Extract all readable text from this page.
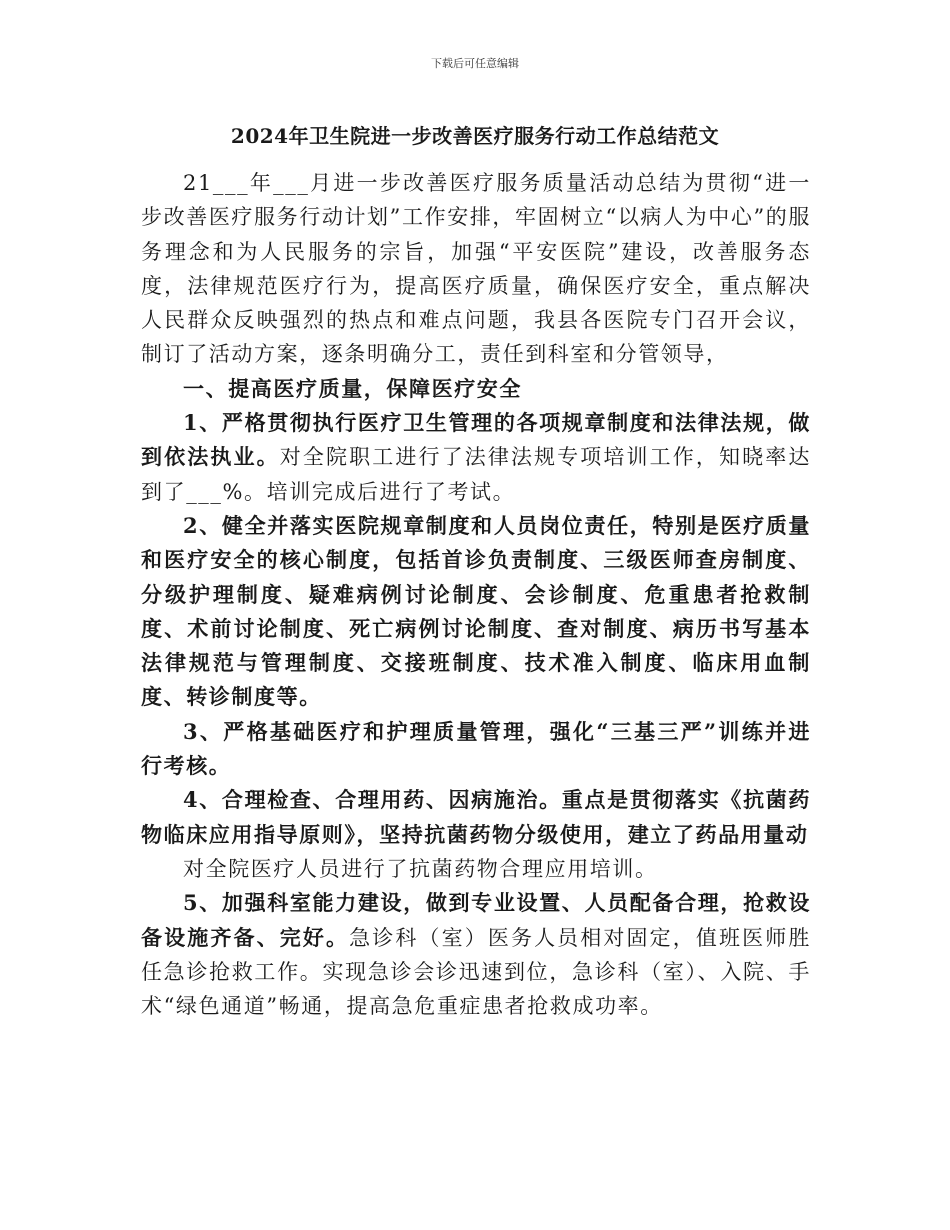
下载后可任意编辑
2024年卫生院进一步改善医疗服务行动工作总结范文

21___年___月进一步改善医疗服务质量活动总结为贯彻“进一步改善医疗服务行动计划”工作安排，牢固树立“以病人为中心”的服务理念和为人民服务的宗旨，加强“平安医院”建设，改善服务态度，法律规范医疗行为，提高医疗质量，确保医疗安全，重点解决人民群众反映强烈的热点和难点问题，我县各医院专门召开会议，制订了活动方案，逐条明确分工，责任到科室和分管领导，

一、提高医疗质量，保障医疗安全

1、严格贯彻执行医疗卫生管理的各项规章制度和法律法规，做到依法执业。对全院职工进行了法律法规专项培训工作，知晓率达到了___%。培训完成后进行了考试。

2、健全并落实医院规章制度和人员岗位责任，特别是医疗质量和医疗安全的核心制度，包括首诊负责制度、三级医师查房制度、分级护理制度、疑难病例讨论制度、会诊制度、危重患者抢救制度、术前讨论制度、死亡病例讨论制度、查对制度、病历书写基本法律规范与管理制度、交接班制度、技术准入制度、临床用血制度、转诊制度等。

3、严格基础医疗和护理质量管理，强化“三基三严”训练并进行考核。

4、合理检查、合理用药、因病施治。重点是贯彻落实《抗菌药物临床应用指导原则》，坚持抗菌药物分级使用，建立了药品用量动

对全院医疗人员进行了抗菌药物合理应用培训。

5、加强科室能力建设，做到专业设置、人员配备合理，抢救设备设施齐备、完好。急诊科（室）医务人员相对固定，值班医师胜任急诊抢救工作。实现急诊会诊迅速到位，急诊科（室）、入院、手术“绿色通道”畅通，提高急危重症患者抢救成功率。
